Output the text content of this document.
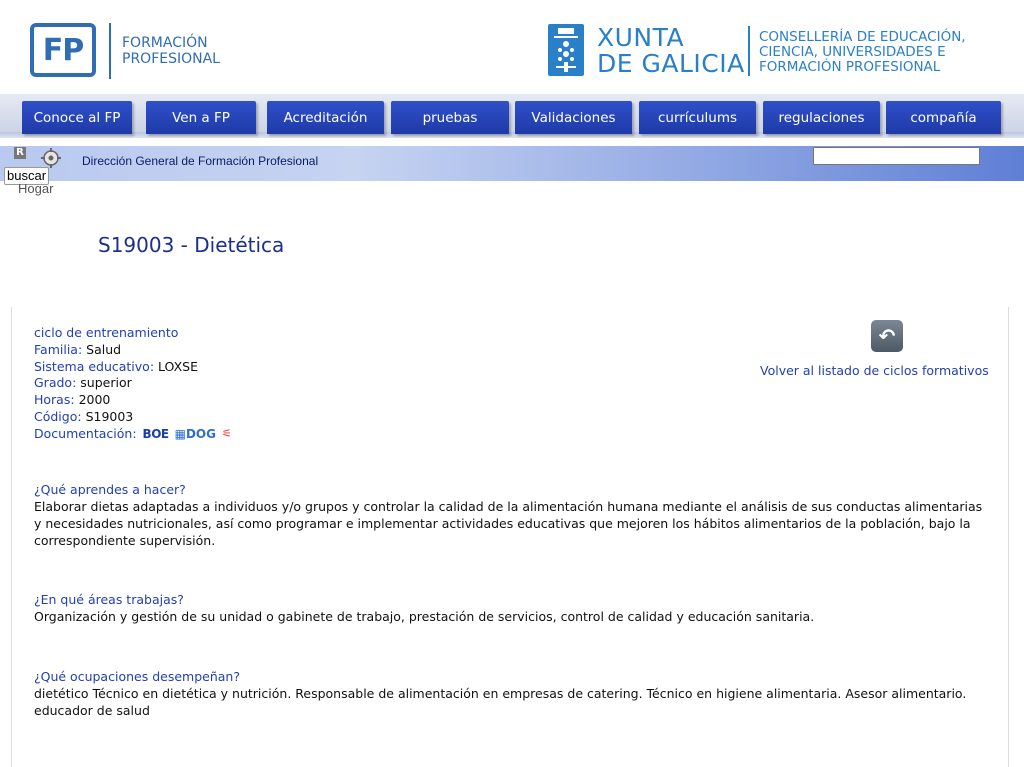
FP	FORMACIÓN
PROFESIONAL
XUNTA
DE GALICIA
CONSELLERÍA DE EDUCACIÓN,
CIENCIA, UNIVERSIDADES E
FORMACIÓN PROFESIONAL
Conoce al FP	Ven a FP	Acreditación	pruebas	Validaciones	currículums	regulaciones	compañía
R
Dirección General de Formación Profesional
buscar
Hogar
S19003 - Dietética
ciclo de entrenamiento
Familia: Salud
Sistema educativo: LOXSE
Grado: superior
Horas: 2000
Código: S19003
Documentación: BOE ▦DOG ⚟
↶
Volver al listado de ciclos formativos
¿Qué aprendes a hacer?
Elaborar dietas adaptadas a individuos y/o grupos y controlar la calidad de la alimentación humana mediante el análisis de sus conductas alimentarias y necesidades nutricionales, así como programar e implementar actividades educativas que mejoren los hábitos alimentarios de la población, bajo la correspondiente supervisión.
¿En qué áreas trabajas?
Organización y gestión de su unidad o gabinete de trabajo, prestación de servicios, control de calidad y educación sanitaria.
¿Qué ocupaciones desempeñan?
dietético Técnico en dietética y nutrición. Responsable de alimentación en empresas de catering. Técnico en higiene alimentaria. Asesor alimentario. educador de salud
